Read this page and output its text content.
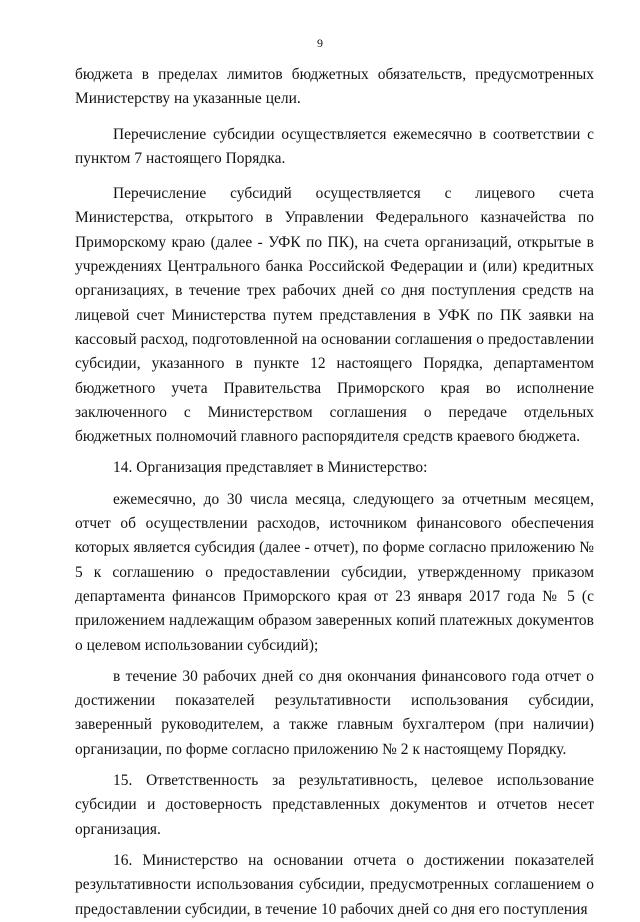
9

бюджета в пределах лимитов бюджетных обязательств, предусмотренных Министерству на указанные цели.

Перечисление субсидии осуществляется ежемесячно в соответствии с пунктом 7 настоящего Порядка.

Перечисление субсидий осуществляется с лицевого счета Министерства, открытого в Управлении Федерального казначейства по Приморскому краю (далее - УФК по ПК), на счета организаций, открытые в учреждениях Центрального банка Российской Федерации и (или) кредитных организациях, в течение трех рабочих дней со дня поступления средств на лицевой счет Министерства путем представления в УФК по ПК заявки на кассовый расход, подготовленной на основании соглашения о предоставлении субсидии, указанного в пункте 12 настоящего Порядка, департаментом бюджетного учета Правительства Приморского края во исполнение заключенного с Министерством соглашения о передаче отдельных бюджетных полномочий главного распорядителя средств краевого бюджета.

14. Организация представляет в Министерство:

ежемесячно, до 30 числа месяца, следующего за отчетным месяцем, отчет об осуществлении расходов, источником финансового обеспечения которых является субсидия (далее - отчет), по форме согласно приложению № 5 к соглашению о предоставлении субсидии, утвержденному приказом департамента финансов Приморского края от 23 января 2017 года № 5 (с приложением надлежащим образом заверенных копий платежных документов о целевом использовании субсидий);

в течение 30 рабочих дней со дня окончания финансового года отчет о достижении показателей результативности использования субсидии, заверенный руководителем, а также главным бухгалтером (при наличии) организации, по форме согласно приложению № 2 к настоящему Порядку.

15. Ответственность за результативность, целевое использование субсидии и достоверность представленных документов и отчетов несет организация.

16. Министерство на основании отчета о достижении показателей результативности использования субсидии, предусмотренных соглашением о предоставлении субсидии, в течение 10 рабочих дней со дня его поступления
